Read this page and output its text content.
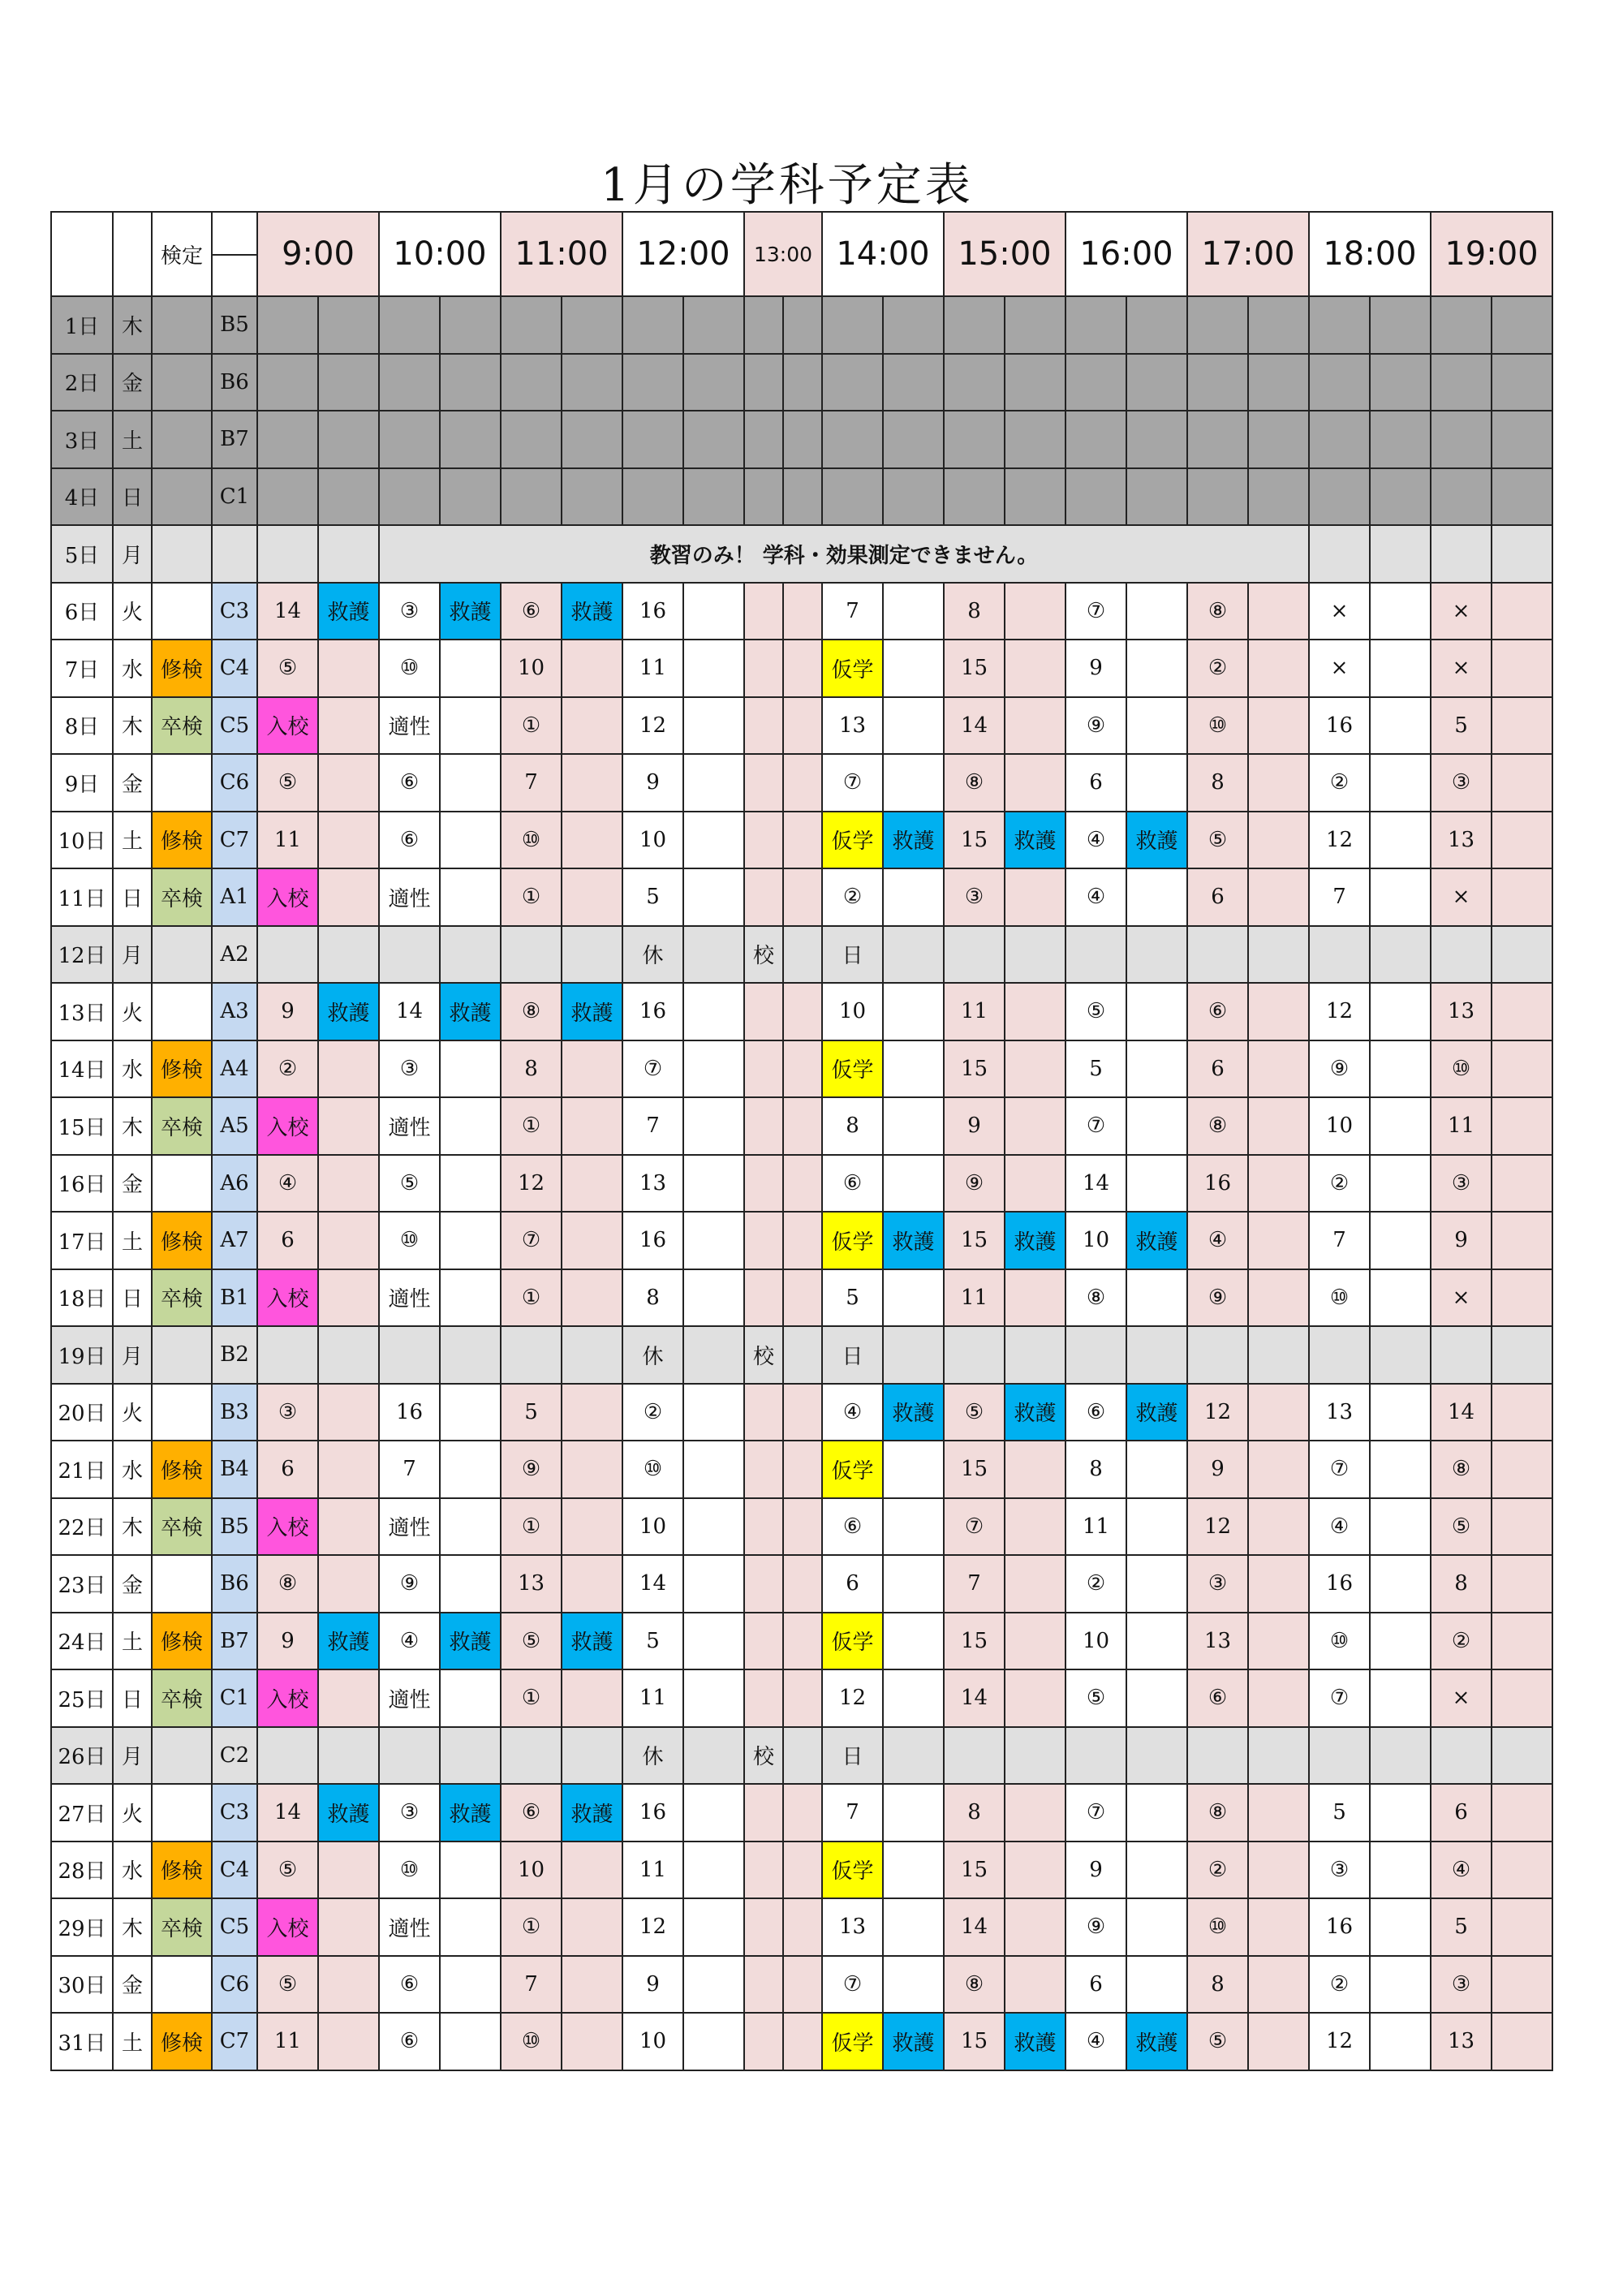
1月の学科予定表
		検定		9:00		10:00		11:00		12:00		13:00		14:00		15:00		16:00		17:00		18:00		19:00	
1日	木		B5																						
2日	金		B6																						
3日	土		B7																						
4日	日		C1																						
5日	月					教習のみ！ 学科・効果測定できません。																			
6日	火		C3	14	救護	③	救護	⑥	救護	16				7		8		⑦		⑧		×		×	
7日	水	修検	C4	⑤		⑩		10		11				仮学		15		9		②		×		×	
8日	木	卒検	C5	入校		適性		①		12				13		14		⑨		⑩		16		5	
9日	金		C6	⑤		⑥		7		9				⑦		⑧		6		8		②		③	
10日	土	修検	C7	11		⑥		⑩		10				仮学	救護	15	救護	④	救護	⑤		12		13	
11日	日	卒検	A1	入校		適性		①		5				②		③		④		6		7		×	
12日	月		A2							休		校		日											
13日	火		A3	9	救護	14	救護	⑧	救護	16				10		11		⑤		⑥		12		13	
14日	水	修検	A4	②		③		8		⑦				仮学		15		5		6		⑨		⑩	
15日	木	卒検	A5	入校		適性		①		7				8		9		⑦		⑧		10		11	
16日	金		A6	④		⑤		12		13				⑥		⑨		14		16		②		③	
17日	土	修検	A7	6		⑩		⑦		16				仮学	救護	15	救護	10	救護	④		7		9	
18日	日	卒検	B1	入校		適性		①		8				5		11		⑧		⑨		⑩		×	
19日	月		B2							休		校		日											
20日	火		B3	③		16		5		②				④	救護	⑤	救護	⑥	救護	12		13		14	
21日	水	修検	B4	6		7		⑨		⑩				仮学		15		8		9		⑦		⑧	
22日	木	卒検	B5	入校		適性		①		10				⑥		⑦		11		12		④		⑤	
23日	金		B6	⑧		⑨		13		14				6		7		②		③		16		8	
24日	土	修検	B7	9	救護	④	救護	⑤	救護	5				仮学		15		10		13		⑩		②	
25日	日	卒検	C1	入校		適性		①		11				12		14		⑤		⑥		⑦		×	
26日	月		C2							休		校		日											
27日	火		C3	14	救護	③	救護	⑥	救護	16				7		8		⑦		⑧		5		6	
28日	水	修検	C4	⑤		⑩		10		11				仮学		15		9		②		③		④	
29日	木	卒検	C5	入校		適性		①		12				13		14		⑨		⑩		16		5	
30日	金		C6	⑤		⑥		7		9				⑦		⑧		6		8		②		③	
31日	土	修検	C7	11		⑥		⑩		10				仮学	救護	15	救護	④	救護	⑤		12		13	
